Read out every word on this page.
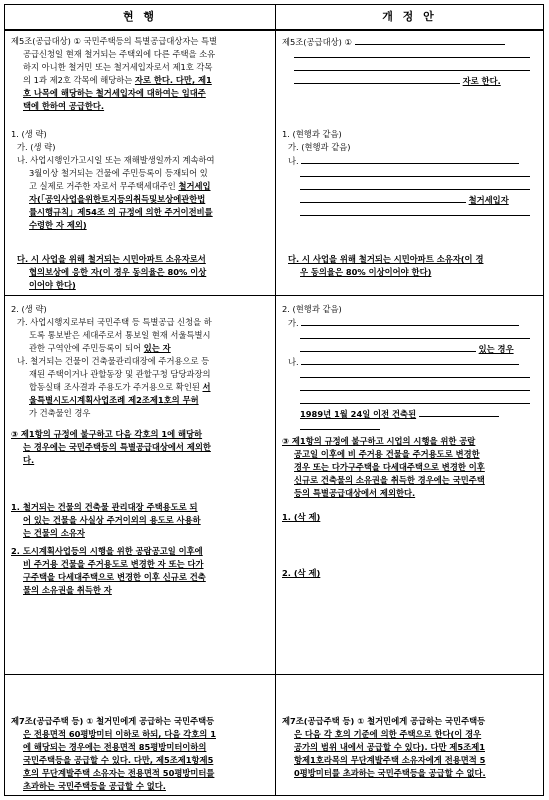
현 행	개 정 안
제5조(공급대상) ① 국민주택등의 특별공급대상자는 특별
공급신청일 현재 철거되는 주택외에 다른 주택을 소유
하지 아니한 철거민 또는 철거세입자로서 제1호 각목
의 1과 제2호 각목에 해당하는 자로 한다. 다만, 제1
호 나목에 해당하는 철거세입자에 대하여는 임대주
택에 한하여 공급한다.
1. (생 략)
가. (생 략)
나. 사업시행인가고시일 또는 재해발생일까지 계속하여
3월이상 철거되는 건물에 주민등록이 등재되어 있
고 실제로 거주한 자로서 무주택세대주인 철거세입
자(「공익사업을위한토지등의취득및보상에관한법
률시행규칙」제54조 의 규정에 의한 주거이전비를
수령한 자 제외)
다. 시 사업을 위해 철거되는 시민아파트 소유자로서
협의보상에 응한 자(이 경우 동의율은 80% 이상
이어야 한다)
2. (생 략)
가. 사업시행지로부터 국민주택 등 특별공급 신청을 하
도록 통보받은 세대주로서 통보일 현재 서울특별시
관한 구역안에 주민등록이 되어 있는 자
나. 철거되는 건물이 건축물관리대장에 주거용으로 등
재된 주택이거나 관할동장 및 관할구청 담당과장의
합동실태 조사결과 주용도가 주거용으로 확인된 서
울특별시도시계획사업조례 제2조제1호의 무허
가 건축물인 경우
③ 제1항의 규정에 불구하고 다음 각호의 1에 해당하
는 경우에는 국민주택등의 특별공급대상에서 제외한
다.
1. 철거되는 건물의 건축물 관리대장 주택용도로 되
어 있는 건물을 사실상 주거이외의 용도로 사용하
는 건물의 소유자
2. 도시계획사업등의 시행을 위한 공람공고일 이후에
비 주거용 건물을 주거용도로 변경한 자 또는 다가
구주택을 다세대주택으로 변경한 이후 신규로 건축
물의 소유권을 취득한 자
제7조(공급주택 등) ① 철거민에게 공급하는 국민주택등
은 전용면적 60평방미터 이하로 하되, 다음 각호의 1
에 해당되는 경우에는 전용면적 85평방미터이하의
국민주택등을 공급할 수 있다. 다만, 제5조제1항제5
호의 무단계발주택 소유자는 전용면적 50평방미터를
초과하는 국민주택등을 공급할 수 없다.
제5조(공급대상) ①
자로 한다.
1. (현행과 같음)
가. (현행과 같음)
나.
철거세입자
다. 시 사업을 위해 철거되는 시민아파트 소유자(이 경
우 동의율은 80% 이상이어야 한다)
2. (현행과 같음)
가.
있는 경우
나.
1989년 1월 24일 이전 건축된
③ 제1항의 규정에 불구하고 시업의 시행을 위한 공람
공고일 이후에 비 주거용 건물을 주거용도로 변경한
경우 또는 다가구주택을 다세대주택으로 변경한 이후
신규로 건축물의 소유권을 취득한 경우에는 국민주택
등의 특별공급대상에서 제외한다.
1. (삭 제)
2. (삭 제)
제7조(공급주택 등) ① 철거민에게 공급하는 국민주택등
은 다음 각 호의 기준에 의한 주택으로 한다(이 경우
공가의 범위 내에서 공급할 수 있다). 다만 제5조제1
항제1호라목의 무단계발주택 소유자에게 전용면적 5
0평방미터를 초과하는 국민주택등을 공급할 수 없다.
